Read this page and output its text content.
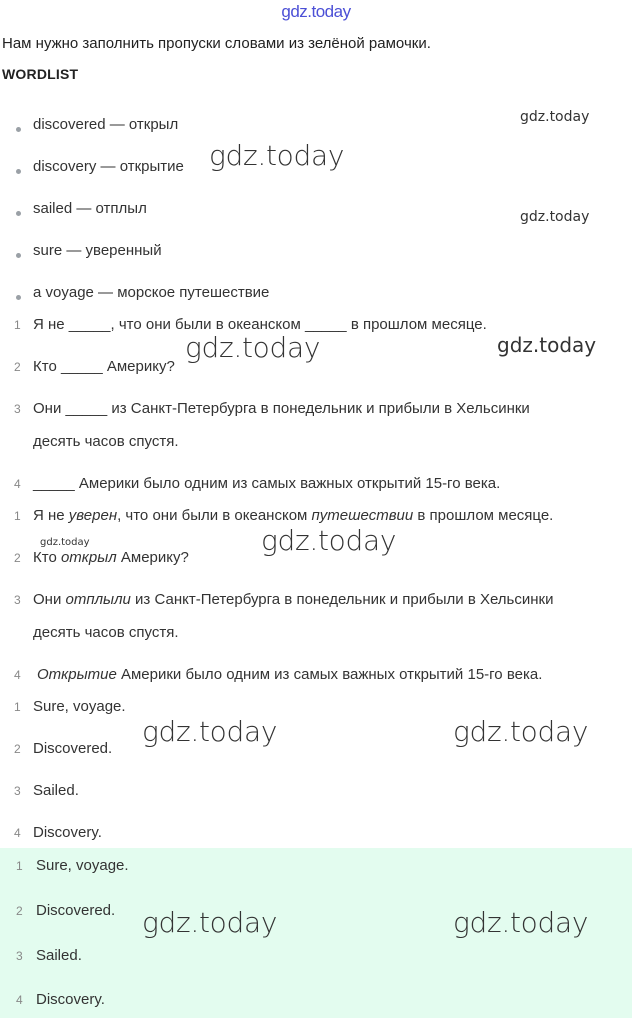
gdz.today
Нам нужно заполнить пропуски словами из зелёной рамочки.
WORDLIST
discovered — открыл
discovery — открытие
sailed — отплыл
sure — уверенный
a voyage — морское путешествие
1 Я не _____, что они были в океанском _____ в прошлом месяце.
2 Кто _____ Америку?
3 Они _____ из Санкт-Петербурга в понедельник и прибыли в Хельсинки
десять часов спустя.
4 _____ Америки было одним из самых важных открытий 15-го века.
1 Я не уверен, что они были в океанском путешествии в прошлом месяце.
2 Кто открыл Америку?
3 Они отплыли из Санкт-Петербурга в понедельник и прибыли в Хельсинки
десять часов спустя.
4 Открытие Америки было одним из самых важных открытий 15-го века.
1 Sure, voyage.
2 Discovered.
3 Sailed.
4 Discovery.
1 Sure, voyage.
2 Discovered.
3 Sailed.
4 Discovery.
gdz.today
gdz.today
gdz.today
gdz.today	gdz.today
gdz.today	gdz.today
gdz.today	gdz.today
gdz.today	gdz.today
